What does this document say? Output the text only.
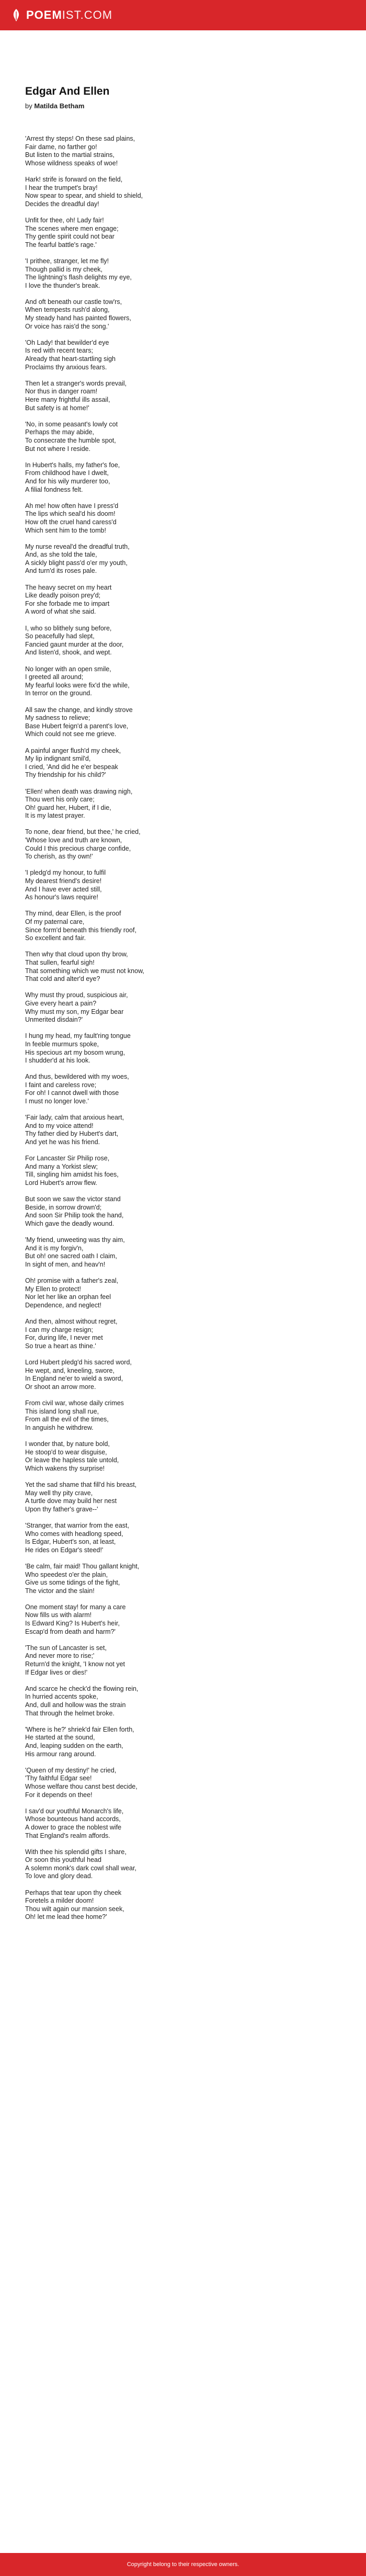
POEMIST.COM
Edgar And Ellen
by Matilda Betham

'Arrest thy steps! On these sad plains,
Fair dame, no farther go!
But listen to the martial strains,
Whose wildness speaks of woe!

Hark! strife is forward on the field,
I hear the trumpet's bray!
Now spear to spear, and shield to shield,
Decides the dreadful day!

Unfit for thee, oh! Lady fair!
The scenes where men engage;
Thy gentle spirit could not bear
The fearful battle's rage.'

'I prithee, stranger, let me fly!
Though pallid is my cheek,
The lightning's flash delights my eye,
I love the thunder's break.

And oft beneath our castle tow'rs,
When tempests rush'd along,
My steady hand has painted flowers,
Or voice has rais'd the song.'

'Oh Lady! that bewilder'd eye
Is red with recent tears;
Already that heart-startling sigh
Proclaims thy anxious fears.

Then let a stranger's words prevail,
Nor thus in danger roam!
Here many frightful ills assail,
But safety is at home!'

'No, in some peasant's lowly cot
Perhaps the may abide,
To consecrate the humble spot,
But not where I reside.

In Hubert's halls, my father's foe,
From childhood have I dwelt,
And for his wily murderer too,
A filial fondness felt.

Ah me! how often have I press'd
The lips which seal'd his doom!
How oft the cruel hand caress'd
Which sent him to the tomb!

My nurse reveal'd the dreadful truth,
And, as she told the tale,
A sickly blight pass'd o'er my youth,
And turn'd its roses pale.

The heavy secret on my heart
Like deadly poison prey'd;
For she forbade me to impart
A word of what she said.

I, who so blithely sung before,
So peacefully had slept,
Fancied gaunt murder at the door,
And listen'd, shook, and wept.

No longer with an open smile,
I greeted all around;
My fearful looks were fix'd the while,
In terror on the ground.

All saw the change, and kindly strove
My sadness to relieve;
Base Hubert feign'd a parent's love,
Which could not see me grieve.

A painful anger flush'd my cheek,
My lip indignant smil'd,
I cried, 'And did he e'er bespeak
Thy friendship for his child?'

'Ellen! when death was drawing nigh,
Thou wert his only care;
Oh! guard her, Hubert, if I die,
It is my latest prayer.

To none, dear friend, but thee,' he cried,
'Whose love and truth are known,
Could I this precious charge confide,
To cherish, as thy own!'

'I pledg'd my honour, to fulfil
My dearest friend's desire!
And I have ever acted still,
As honour's laws require!

Thy mind, dear Ellen, is the proof
Of my paternal care,
Since form'd beneath this friendly roof,
So excellent and fair.

Then why that cloud upon thy brow,
That sullen, fearful sigh!
That something which we must not know,
That cold and alter'd eye?

Why must thy proud, suspicious air,
Give every heart a pain?
Why must my son, my Edgar bear
Unmerited disdain?'

I hung my head, my fault'ring tongue
In feeble murmurs spoke,
His specious art my bosom wrung,
I shudder'd at his look.

And thus, bewildered with my woes,
I faint and careless rove;
For oh! I cannot dwell with those
I must no longer love.'

'Fair lady, calm that anxious heart,
And to my voice attend!
Thy father died by Hubert's dart,
And yet he was his friend.

For Lancaster Sir Philip rose,
And many a Yorkist slew;
Till, singling him amidst his foes,
Lord Hubert's arrow flew.

But soon we saw the victor stand
Beside, in sorrow drown'd;
And soon Sir Philip took the hand,
Which gave the deadly wound.

'My friend, unweeting was thy aim,
And it is my forgiv'n,
But oh! one sacred oath I claim,
In sight of men, and heav'n!

Oh! promise with a father's zeal,
My Ellen to protect!
Nor let her like an orphan feel
Dependence, and neglect!

And then, almost without regret,
I can my charge resign;
For, during life, I never met
So true a heart as thine.'

Lord Hubert pledg'd his sacred word,
He wept, and, kneeling, swore,
In England ne'er to wield a sword,
Or shoot an arrow more.

From civil war, whose daily crimes
This island long shall rue,
From all the evil of the times,
In anguish he withdrew.

I wonder that, by nature bold,
He stoop'd to wear disguise,
Or leave the hapless tale untold,
Which wakens thy surprise!

Yet the sad shame that fill'd his breast,
May well thy pity crave,
A turtle dove may build her nest
Upon thy father's grave--'

'Stranger, that warrior from the east,
Who comes with headlong speed,
Is Edgar, Hubert's son, at least,
He rides on Edgar's steed!'

'Be calm, fair maid! Thou gallant knight,
Who speedest o'er the plain,
Give us some tidings of the fight,
The victor and the slain!

One moment stay! for many a care
Now fills us with alarm!
Is Edward King? Is Hubert's heir,
Escap'd from death and harm?'

'The sun of Lancaster is set,
And never more to rise;'
Return'd the knight, 'I know not yet
If Edgar lives or dies!'

And scarce he check'd the flowing rein,
In hurried accents spoke,
And, dull and hollow was the strain
That through the helmet broke.

'Where is he?' shriek'd fair Ellen forth,
He started at the sound,
And, leaping sudden on the earth,
His armour rang around.

'Queen of my destiny!' he cried,
'Thy faithful Edgar see!
Whose welfare thou canst best decide,
For it depends on thee!

I sav'd our youthful Monarch's life,
Whose bounteous hand accords,
A dower to grace the noblest wife
That England's realm affords.

With thee his splendid gifts I share,
Or soon this youthful head
A solemn monk's dark cowl shall wear,
To love and glory dead.

Perhaps that tear upon thy cheek
Foretels a milder doom!
Thou wilt again our mansion seek,
Oh! let me lead thee home?'

Copyright belong to their respective owners.
